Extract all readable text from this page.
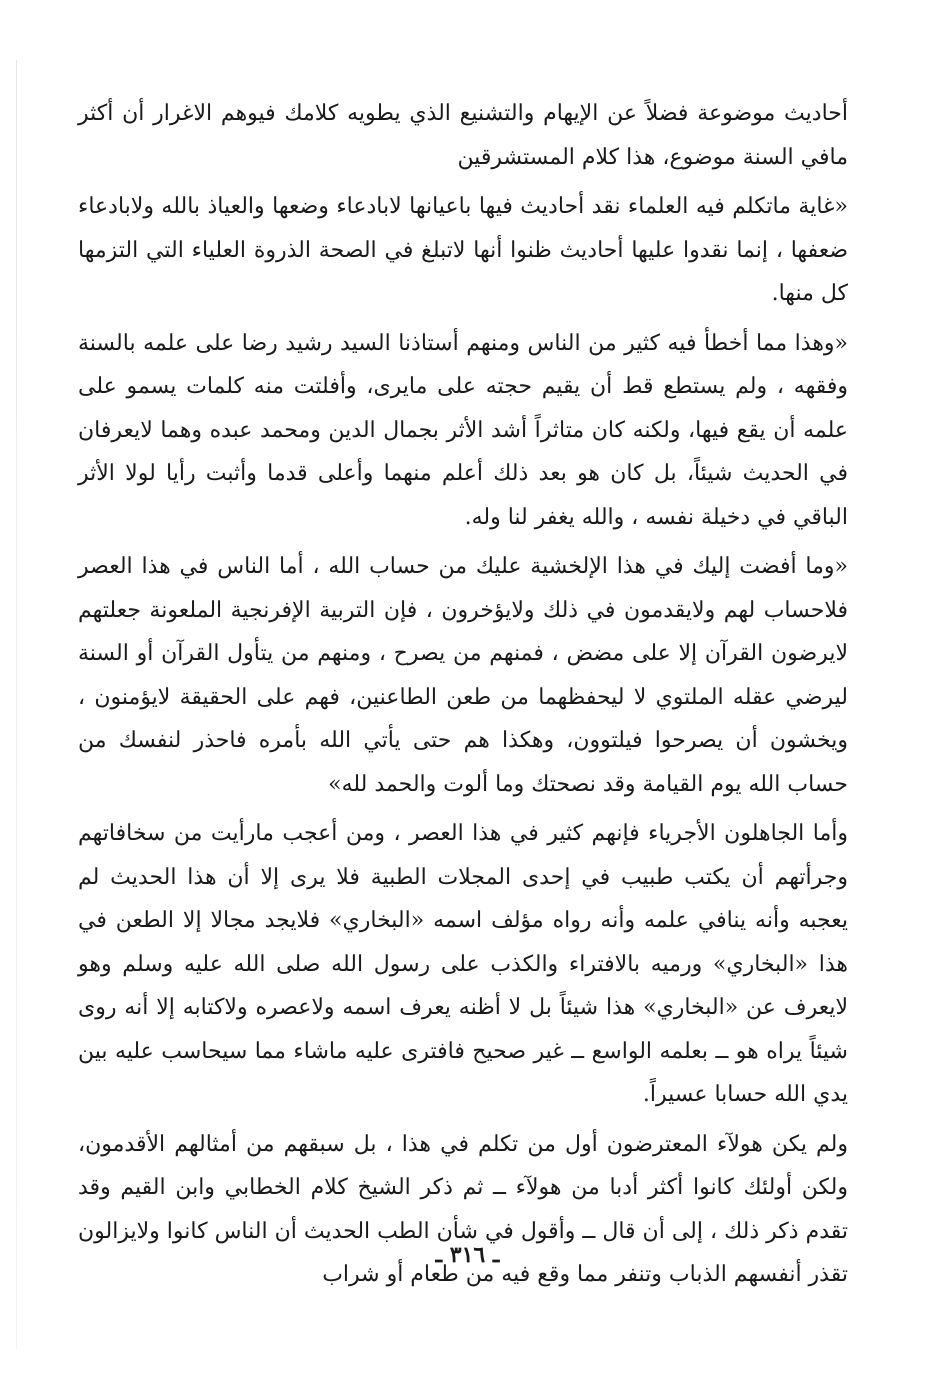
أحاديث موضوعة فضلاً عن الإيهام والتشنيع الذي يطويه كلامك فيوهم الاغرار أن أكثر مافي السنة موضوع، هذا كلام المستشرقين

«غاية ماتكلم فيه العلماء نقد أحاديث فيها باعيانها لابادعاء وضعها والعياذ بالله ولابادعاء ضعفها ، إنما نقدوا عليها أحاديث ظنوا أنها لاتبلغ في الصحة الذروة العلياء التي التزمها كل منها.

«وهذا مما أخطأ فيه كثير من الناس ومنهم أستاذنا السيد رشيد رضا على علمه بالسنة وفقهه ، ولم يستطع قط أن يقيم حجته على مايرى، وأفلتت منه كلمات يسمو على علمه أن يقع فيها، ولكنه كان متاثراً أشد الأثر بجمال الدين ومحمد عبده وهما لايعرفان في الحديث شيئاً، بل كان هو بعد ذلك أعلم منهما وأعلى قدما وأثبت رأيا لولا الأثر الباقي في دخيلة نفسه ، والله يغفر لنا وله.

«وما أفضت إليك في هذا الإلخشية عليك من حساب الله ، أما الناس في هذا العصر فلاحساب لهم ولايقدمون في ذلك ولايؤخرون ، فإن التربية الإفرنجية الملعونة جعلتهم لايرضون القرآن إلا على مضض ، فمنهم من يصرح ، ومنهم من يتأول القرآن أو السنة ليرضي عقله الملتوي لا ليحفظهما من طعن الطاعنين، فهم على الحقيقة لايؤمنون ، ويخشون أن يصرحوا فيلتوون، وهكذا هم حتى يأتي الله بأمره فاحذر لنفسك من حساب الله يوم القيامة وقد نصحتك وما ألوت والحمد لله»

وأما الجاهلون الأجرياء فإنهم كثير في هذا العصر ، ومن أعجب مارأيت من سخافاتهم وجرأتهم أن يكتب طبيب في إحدى المجلات الطبية فلا يرى إلا أن هذا الحديث لم يعجبه وأنه ينافي علمه وأنه رواه مؤلف اسمه «البخاري» فلايجد مجالا إلا الطعن في هذا «البخاري» ورميه بالافتراء والكذب على رسول الله صلى الله عليه وسلم وهو لايعرف عن «البخاري» هذا شيئاً بل لا أظنه يعرف اسمه ولاعصره ولاكتابه إلا أنه روى شيئاً يراه هو ــ بعلمه الواسع ــ غير صحيح فافترى عليه ماشاء مما سيحاسب عليه بين يدي الله حسابا عسيراً.

ولم يكن هولآء المعترضون أول من تكلم في هذا ، بل سبقهم من أمثالهم الأقدمون، ولكن أولئك كانوا أكثر أدبا من هولآء ــ ثم ذكر الشيخ كلام الخطابي وابن القيم وقد تقدم ذكر ذلك ، إلى أن قال ــ وأقول في شأن الطب الحديث أن الناس كانوا ولايزالون تقذر أنفسهم الذباب وتنفر مما وقع فيه من طعام أو شراب

ـ ٣١٦ ـ
